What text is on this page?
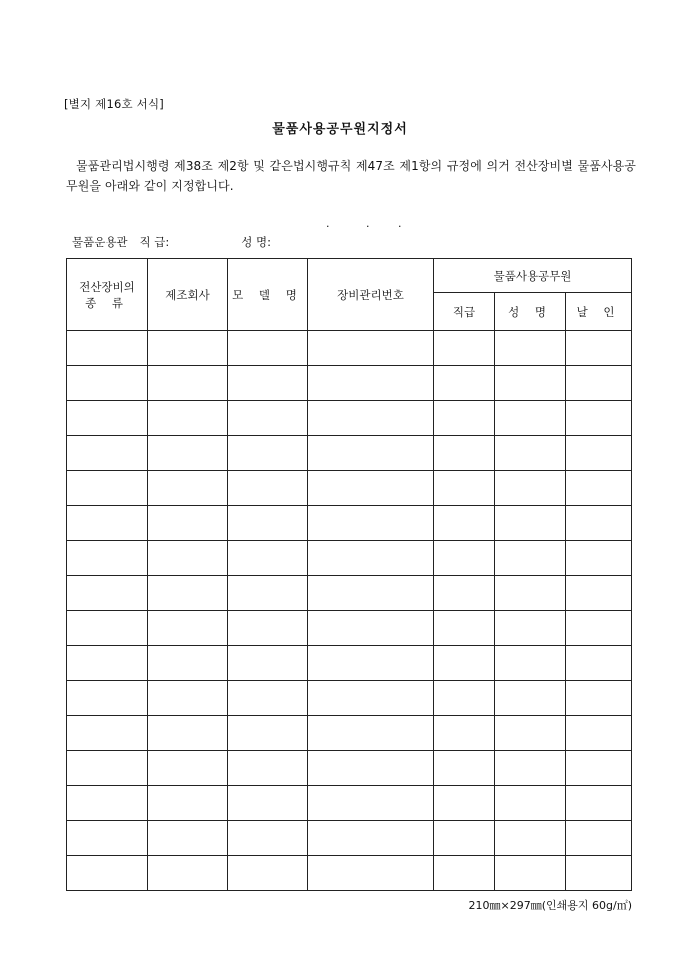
[별지 제16호 서식]
물품사용공무원지정서
물품관리법시행령 제38조 제2항 및 같은법시행규칙 제47조 제1항의 규정에 의거 전산장비별 물품사용공무원을 아래와 같이 지정합니다.
.	.	.
물품운용관 직 급:	성 명:
전산장비의
종 류	제조회사	모 델 명	장비관리번호	물품사용공무원		
				직급	성 명	날 인

210㎜×297㎜(인쇄용지 60g/㎡)
